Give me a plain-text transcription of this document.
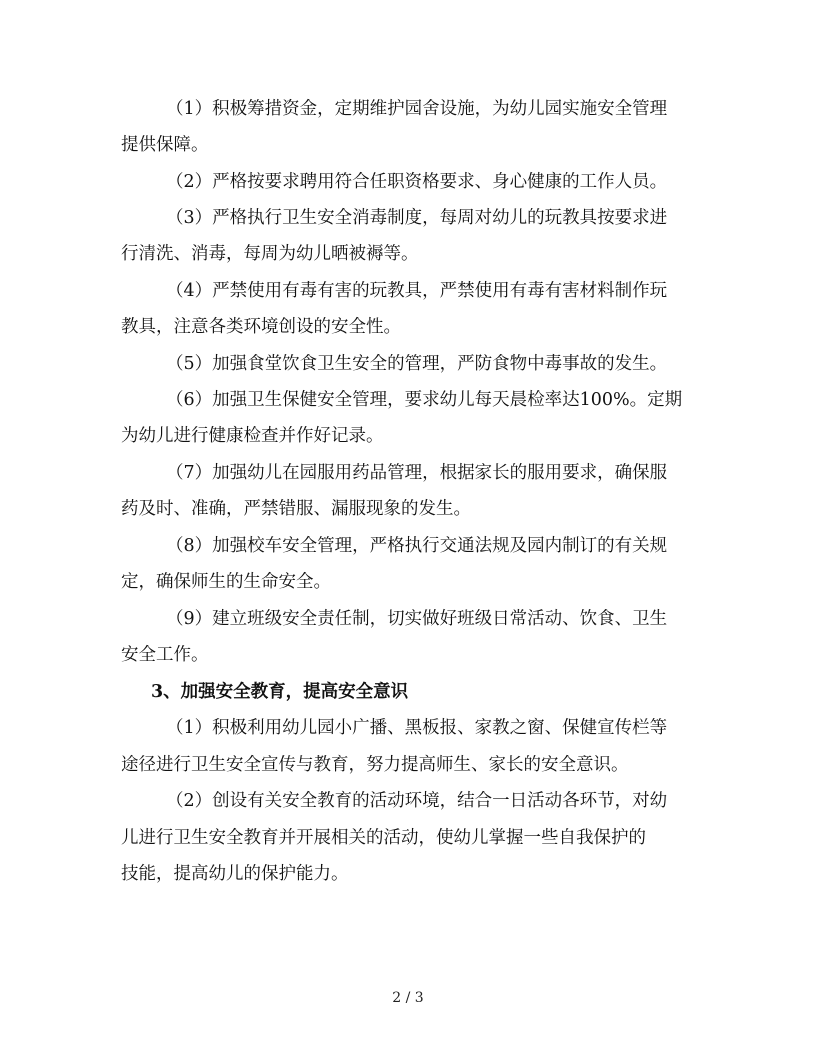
（1）积极筹措资金，定期维护园舍设施，为幼儿园实施安全管理
提供保障。
（2）严格按要求聘用符合任职资格要求、身心健康的工作人员。
（3）严格执行卫生安全消毒制度，每周对幼儿的玩教具按要求进
行清洗、消毒，每周为幼儿晒被褥等。
（4）严禁使用有毒有害的玩教具，严禁使用有毒有害材料制作玩
教具，注意各类环境创设的安全性。
（5）加强食堂饮食卫生安全的管理，严防食物中毒事故的发生。
（6）加强卫生保健安全管理，要求幼儿每天晨检率达100%。定期
为幼儿进行健康检查并作好记录。
（7）加强幼儿在园服用药品管理，根据家长的服用要求，确保服
药及时、准确，严禁错服、漏服现象的发生。
（8）加强校车安全管理，严格执行交通法规及园内制订的有关规
定，确保师生的生命安全。
（9）建立班级安全责任制，切实做好班级日常活动、饮食、卫生
安全工作。
3、加强安全教育，提高安全意识
（1）积极利用幼儿园小广播、黑板报、家教之窗、保健宣传栏等
途径进行卫生安全宣传与教育，努力提高师生、家长的安全意识。
（2）创设有关安全教育的活动环境，结合一日活动各环节，对幼
儿进行卫生安全教育并开展相关的活动，使幼儿掌握一些自我保护的
技能，提高幼儿的保护能力。
2 / 3
